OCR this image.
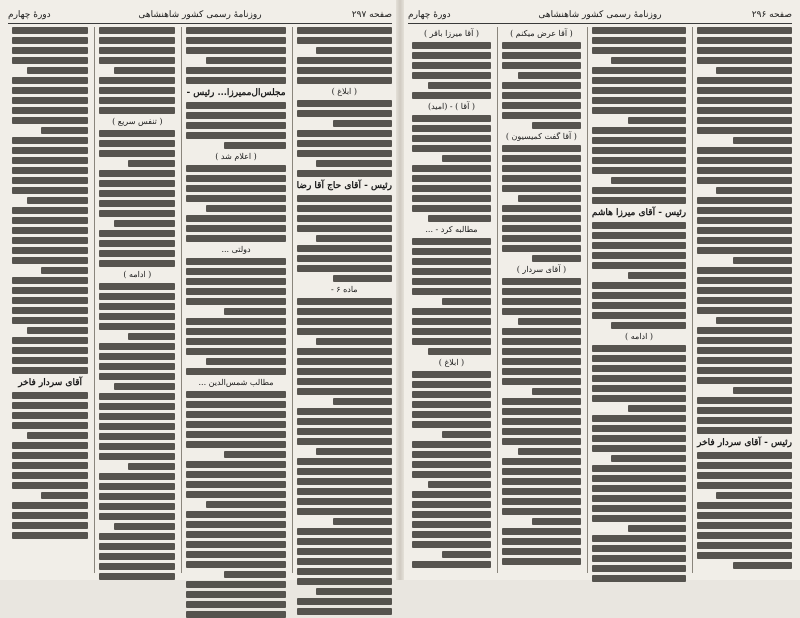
صفحه ۲۹۷
روزنامهٔ رسمی کشور شاهنشاهی
دورهٔ چهارم
( ابلاغ )
رئیس - آقای حاج آقا رضا
ماده ۶ -
مجلس‌ال‌ممیرزا... رئیس -
( اعلام شد )
دولتی ...
مطالب شمس‌الدین ...
( تنفس سریع )
( ادامه )
آقای سردار فاخر
صفحه ۲۹۶
روزنامهٔ رسمی کشور شاهنشاهی
دورهٔ چهارم
رئیس - آقای سردار فاخر
رئیس - آقای میرزا هاشم
( ادامه )
( آقا عرض میکنم )
( آقا گفت کمیسیون )
( آقای سردار )
( آقا میرزا باقر )
( آقا ) - (امید)
مطالبه کرد - ...
( ابلاغ )
